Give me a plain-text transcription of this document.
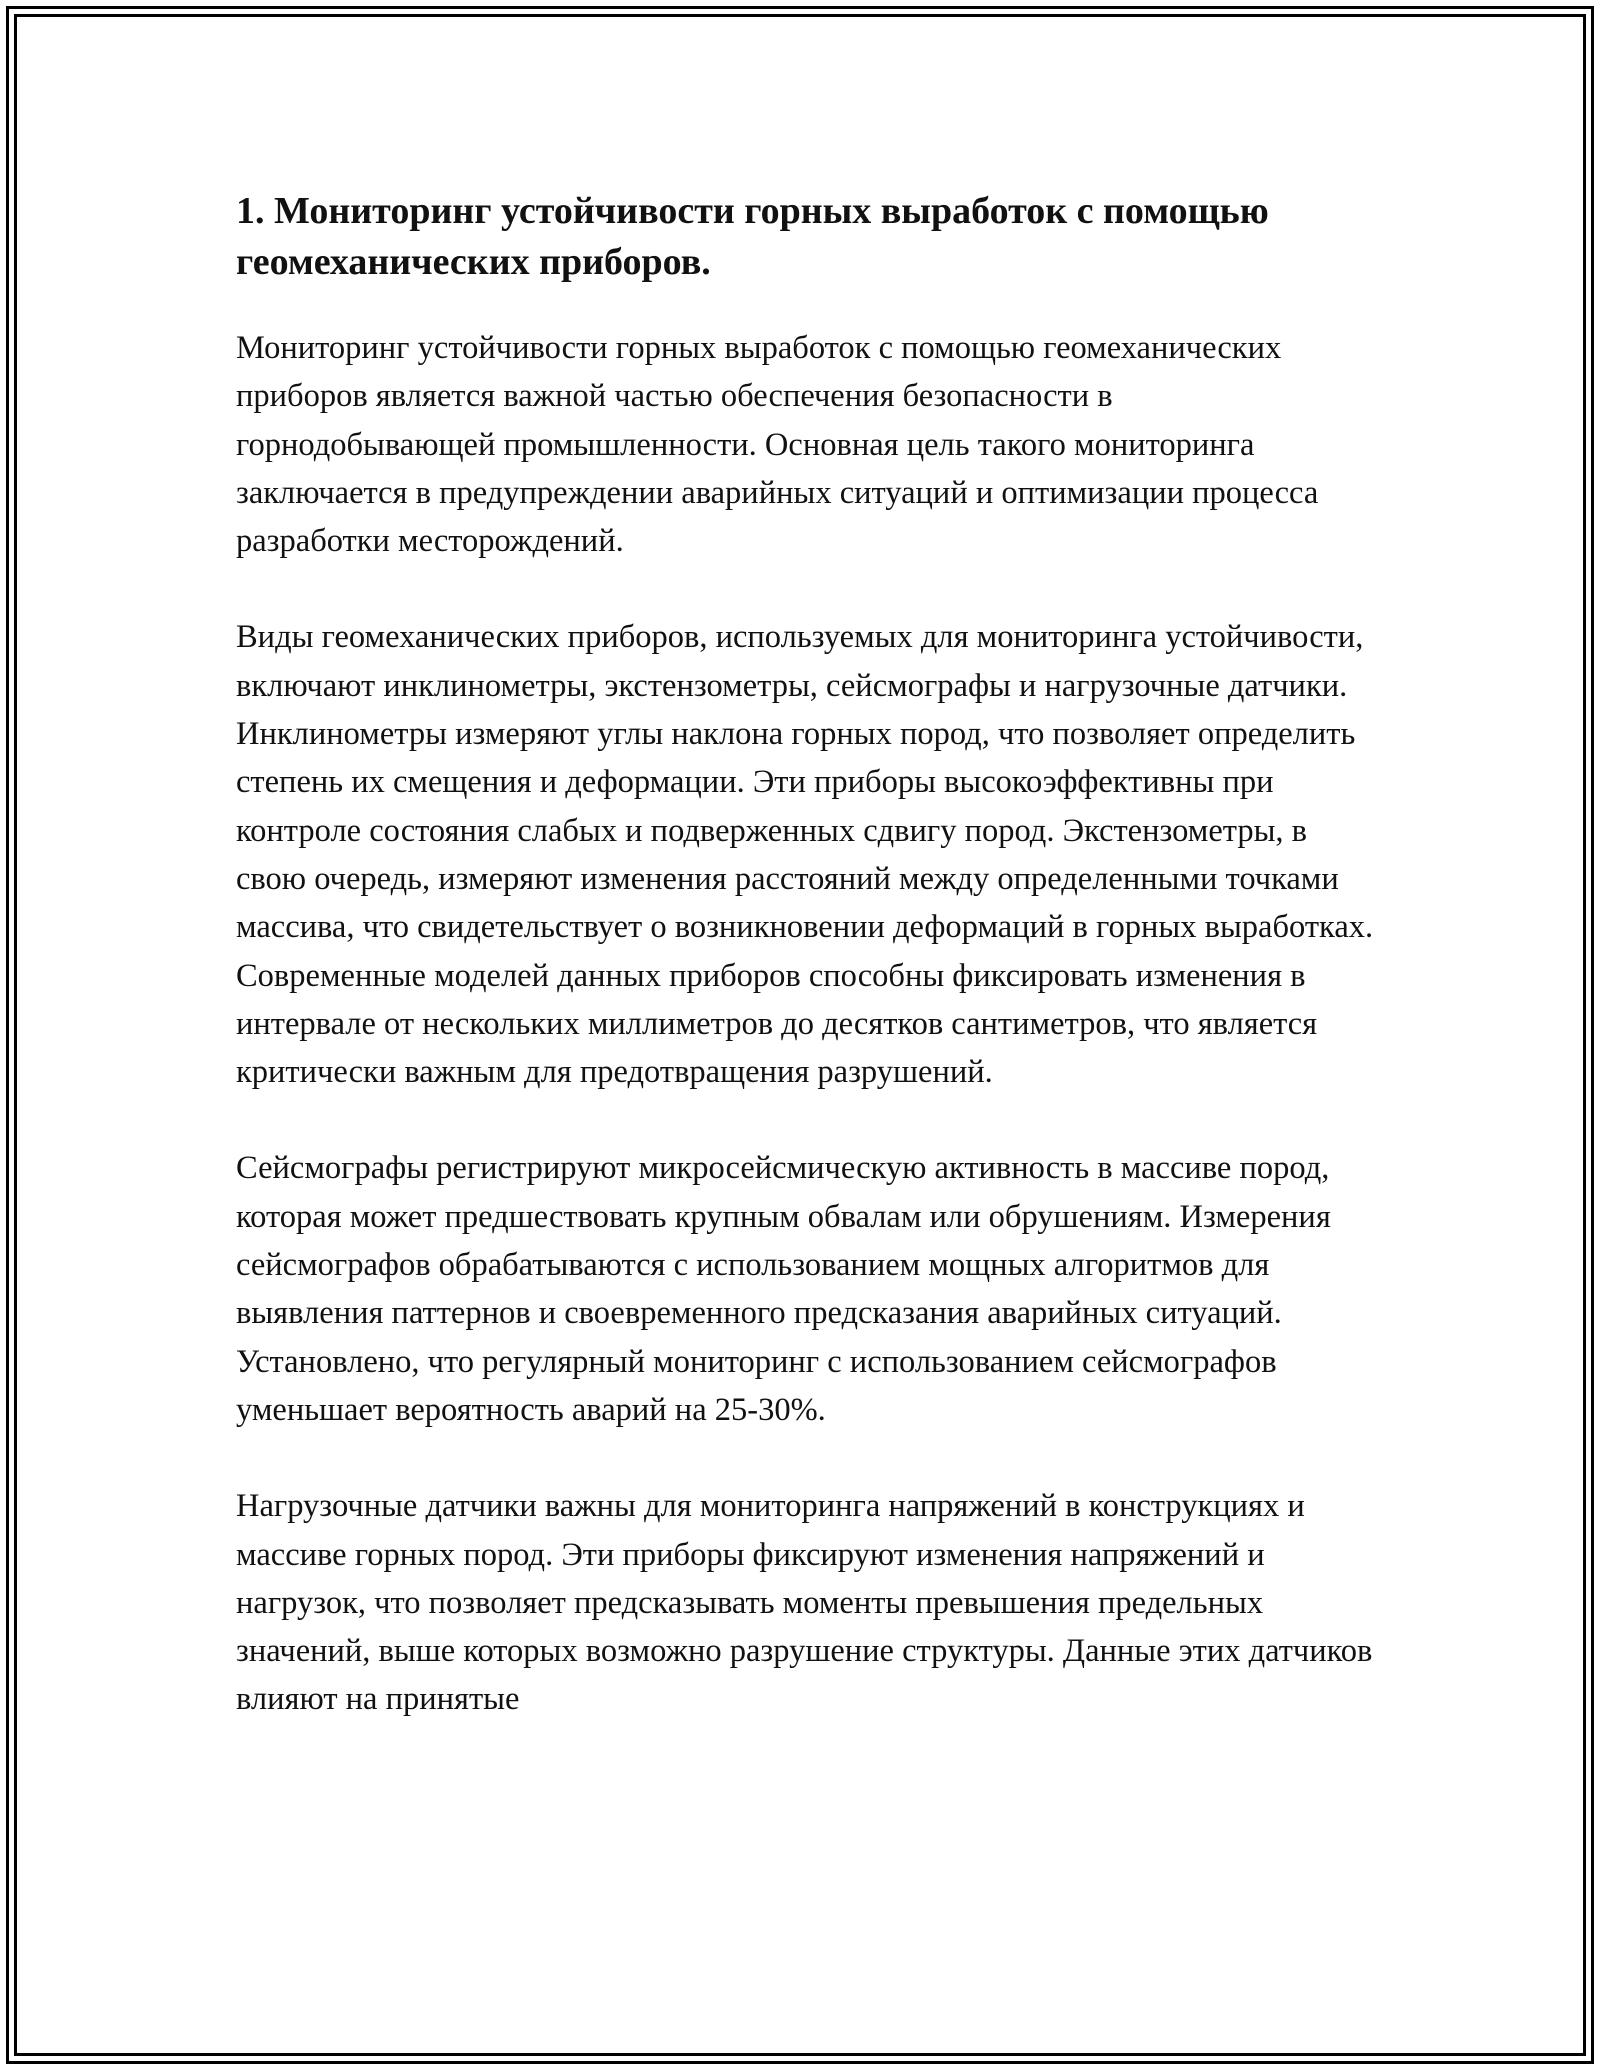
1. Мониторинг устойчивости горных выработок с помощью геомеханических приборов.

Мониторинг устойчивости горных выработок с помощью геомеханических приборов является важной частью обеспечения безопасности в горнодобывающей промышленности. Основная цель такого мониторинга заключается в предупреждении аварийных ситуаций и оптимизации процесса разработки месторождений.

Виды геомеханических приборов, используемых для мониторинга устойчивости, включают инклинометры, экстензометры, сейсмографы и нагрузочные датчики. Инклинометры измеряют углы наклона горных пород, что позволяет определить степень их смещения и деформации. Эти приборы высокоэффективны при контроле состояния слабых и подверженных сдвигу пород. Экстензометры, в свою очередь, измеряют изменения расстояний между определенными точками массива, что свидетельствует о возникновении деформаций в горных выработках. Современные моделей данных приборов способны фиксировать изменения в интервале от нескольких миллиметров до десятков сантиметров, что является критически важным для предотвращения разрушений.

Сейсмографы регистрируют микросейсмическую активность в массиве пород, которая может предшествовать крупным обвалам или обрушениям. Измерения сейсмографов обрабатываются с использованием мощных алгоритмов для выявления паттернов и своевременного предсказания аварийных ситуаций. Установлено, что регулярный мониторинг с использованием сейсмографов уменьшает вероятность аварий на 25-30%.

Нагрузочные датчики важны для мониторинга напряжений в конструкциях и массиве горных пород. Эти приборы фиксируют изменения напряжений и нагрузок, что позволяет предсказывать моменты превышения предельных значений, выше которых возможно разрушение структуры. Данные этих датчиков влияют на принятые
